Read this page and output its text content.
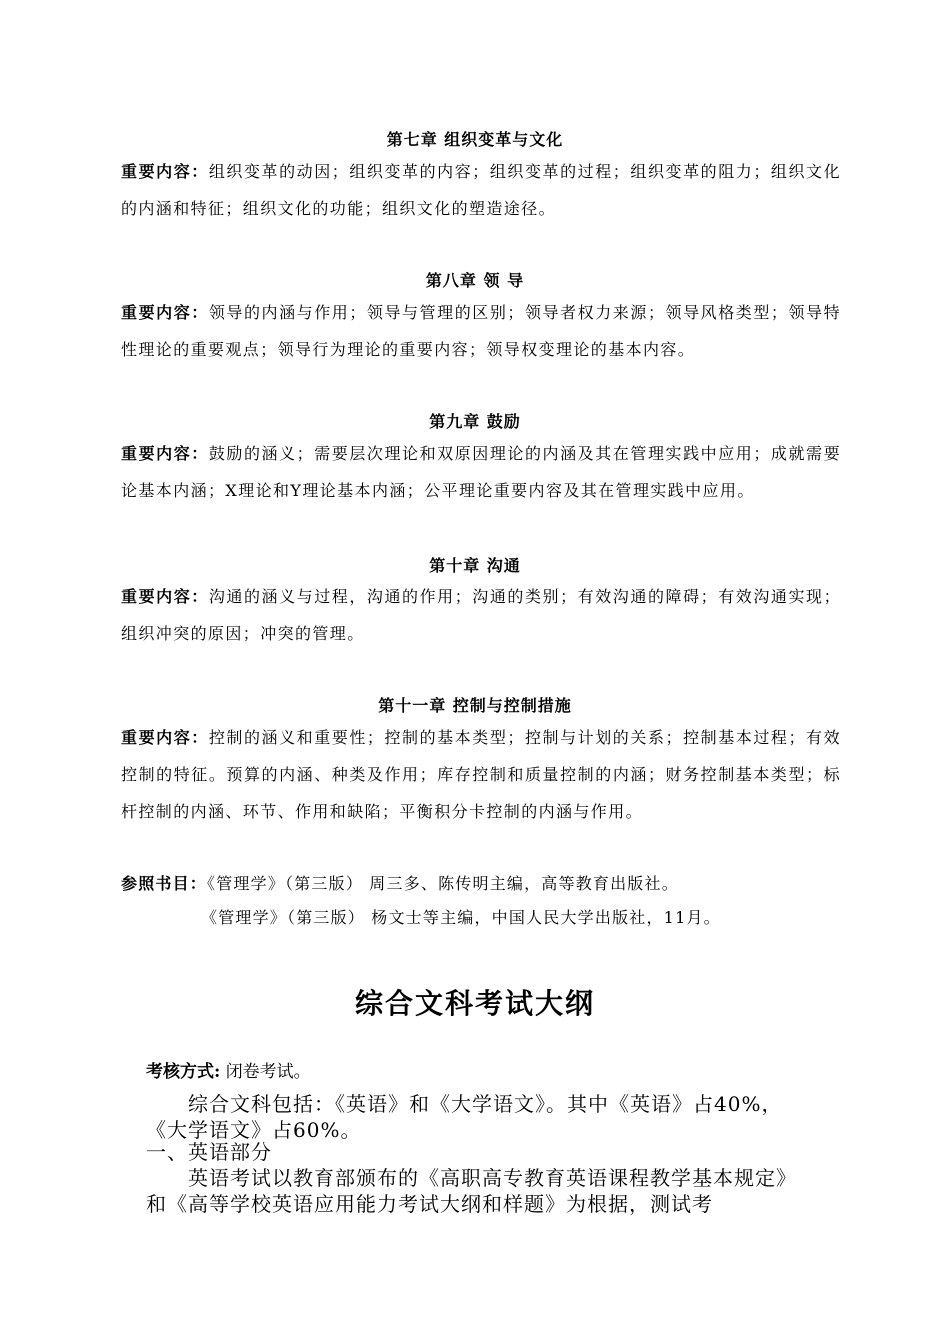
第七章 组织变革与文化
重要内容：组织变革的动因；组织变革的内容；组织变革的过程；组织变革的阻力；组织文化的内涵和特征；组织文化的功能；组织文化的塑造途径。
第八章 领 导
重要内容：领导的内涵与作用；领导与管理的区别；领导者权力来源；领导风格类型；领导特性理论的重要观点；领导行为理论的重要内容；领导权变理论的基本内容。
第九章 鼓励
重要内容：鼓励的涵义；需要层次理论和双原因理论的内涵及其在管理实践中应用；成就需要论基本内涵；X理论和Y理论基本内涵；公平理论重要内容及其在管理实践中应用。
第十章 沟通
重要内容：沟通的涵义与过程，沟通的作用；沟通的类别；有效沟通的障碍；有效沟通实现；组织冲突的原因；冲突的管理。
第十一章 控制与控制措施
重要内容：控制的涵义和重要性；控制的基本类型；控制与计划的关系；控制基本过程；有效控制的特征。预算的内涵、种类及作用；库存控制和质量控制的内涵；财务控制基本类型；标杆控制的内涵、环节、作用和缺陷；平衡积分卡控制的内涵与作用。
参照书目：《管理学》（第三版） 周三多、陈传明主编，高等教育出版社。
《管理学》（第三版） 杨文士等主编，中国人民大学出版社，11月。
综合文科考试大纲
考核方式: 闭卷考试。
综合文科包括：《英语》和《大学语文》。其中《英语》占40%，《大学语文》占60%。
一、英语部分
英语考试以教育部颁布的《高职高专教育英语课程教学基本规定》和《高等学校英语应用能力考试大纲和样题》为根据，测试考
